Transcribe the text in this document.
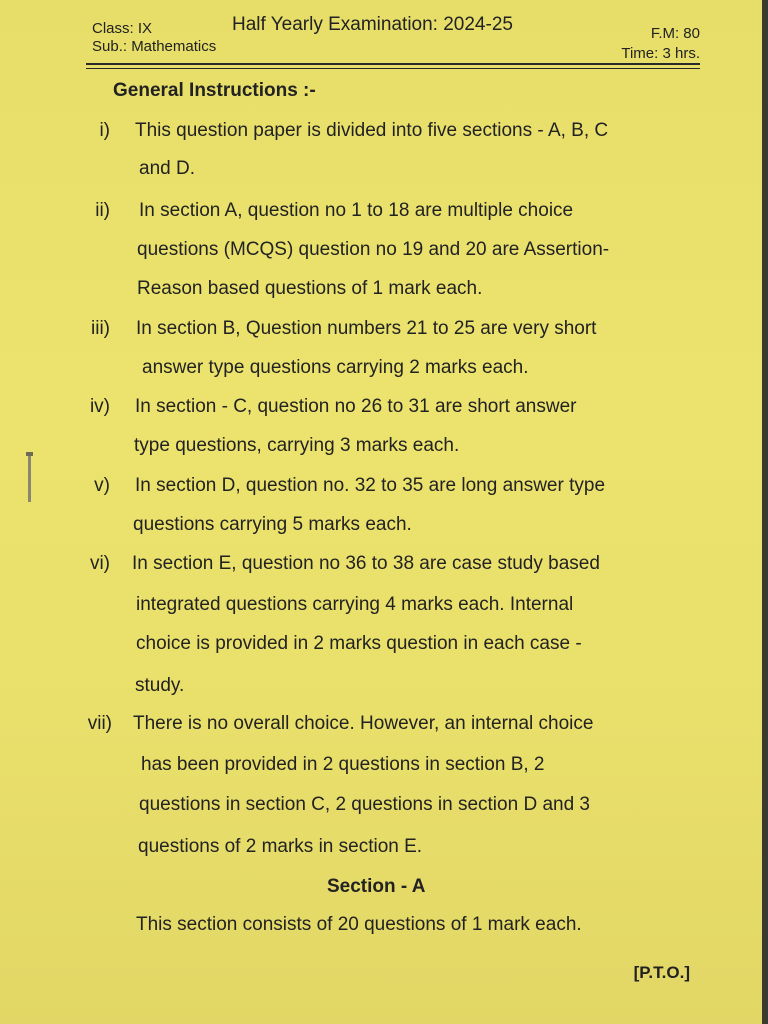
Class: IX
Sub.: Mathematics
Half Yearly Examination: 2024-25	F.M: 80
Time: 3 hrs.
General Instructions :-
i) This question paper is divided into five sections - A, B, C
and D.
ii) In section A, question no 1 to 18 are multiple choice
questions (MCQS) question no 19 and 20 are Assertion-
Reason based questions of 1 mark each.
iii) In section B, Question numbers 21 to 25 are very short
answer type questions carrying 2 marks each.
iv) In section - C, question no 26 to 31 are short answer
type questions, carrying 3 marks each.
v) In section D, question no. 32 to 35 are long answer type
questions carrying 5 marks each.
vi) In section E, question no 36 to 38 are case study based
integrated questions carrying 4 marks each. Internal
choice is provided in 2 marks question in each case -
study.
vii) There is no overall choice. However, an internal choice
has been provided in 2 questions in section B, 2
questions in section C, 2 questions in section D and 3
questions of 2 marks in section E.
Section - A
This section consists of 20 questions of 1 mark each.
[P.T.O.]
